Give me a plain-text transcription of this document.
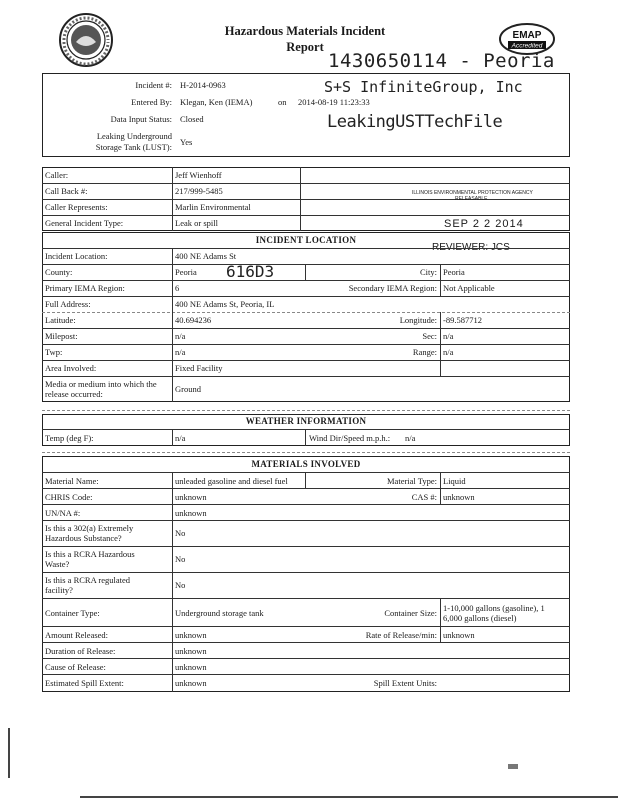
Hazardous Materials Incident
Report
EMAP
Accredited
1430650114 - Peoria
S+S InfiniteGroup, Inc
LeakingUSTTechFile
Incident #: H-2014-0963
Entered By: Klegan, Ken (IEMA)	on 2014-08-19 11:23:33
Data Input Status: Closed
Leaking Underground
Storage Tank (LUST): Yes
Caller:	Jeff Wienhoff
Call Back #:	217/999-5485
Caller Represents:	Marlin Environmental
General Incident Type:	Leak or spill
ILLINOIS ENVIRONMENTAL PROTECTION AGENCY
RELEASABLE
SEP 2 2 2014
INCIDENT LOCATION
REVIEWER: JCS
Incident Location:	400 NE Adams St
County:	Peoria 616D3	City: Peoria
Primary IEMA Region:	6	Secondary IEMA Region: Not Applicable
Full Address:	400 NE Adams St, Peoria, IL
Latitude:	40.694236	Longitude: -89.587712
Milepost:	n/a	Sec: n/a
Twp:	n/a	Range: n/a
Area Involved:	Fixed Facility
Media or medium into which the
release occurred:	Ground
WEATHER INFORMATION
Temp (deg F):	n/a	Wind Dir/Speed m.p.h.: n/a
MATERIALS INVOLVED
Material Name:	unleaded gasoline and diesel fuel	Material Type: Liquid
CHRIS Code:	unknown	CAS #: unknown
UN/NA #:	unknown
Is this a 302(a) Extremely
Hazardous Substance?	No
Is this a RCRA Hazardous
Waste?	No
Is this a RCRA regulated
facility?	No
Container Type:	Underground storage tank	Container Size: 1-10,000 gallons (gasoline), 1
6,000 gallons (diesel)
Amount Released:	unknown	Rate of Release/min: unknown
Duration of Release:	unknown
Cause of Release:	unknown
Estimated Spill Extent:	unknown	Spill Extent Units:
